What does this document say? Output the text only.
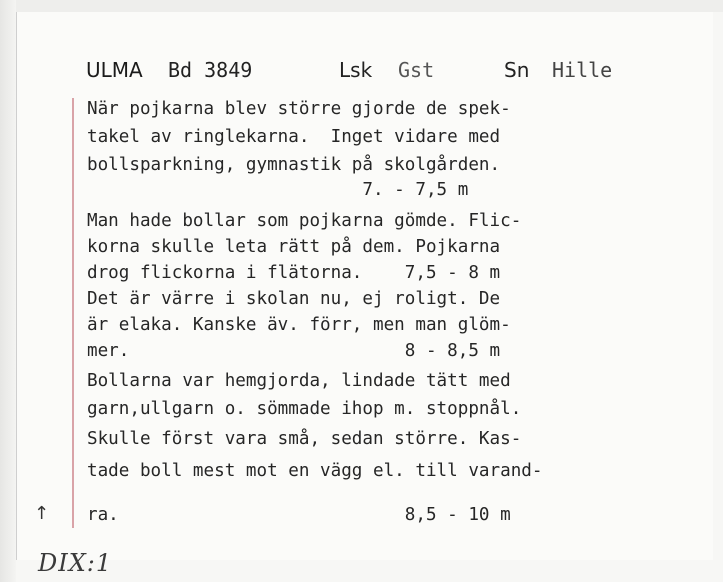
ULMA Bd 3849	Lsk Gst	Sn Hille
När pojkarna blev större gjorde de spek-
takel av ringlekarna.  Inget vidare med
bollsparkning, gymnastik på skolgården.
7. - 7,5 m
Man hade bollar som pojkarna gömde. Flic-
korna skulle leta rätt på dem. Pojkarna
drog flickorna i flätorna.    7,5 - 8 m
Det är värre i skolan nu, ej roligt. De
är elaka. Kanske äv. förr, men man glöm-
mer.                          8 - 8,5 m
Bollarna var hemgjorda, lindade tätt med
garn,ullgarn o. sömmade ihop m. stoppnål.
Skulle först vara små, sedan större. Kas-
tade boll mest mot en vägg el. till varand-
ra.                           8,5 - 10 m
↑
DIX:1
